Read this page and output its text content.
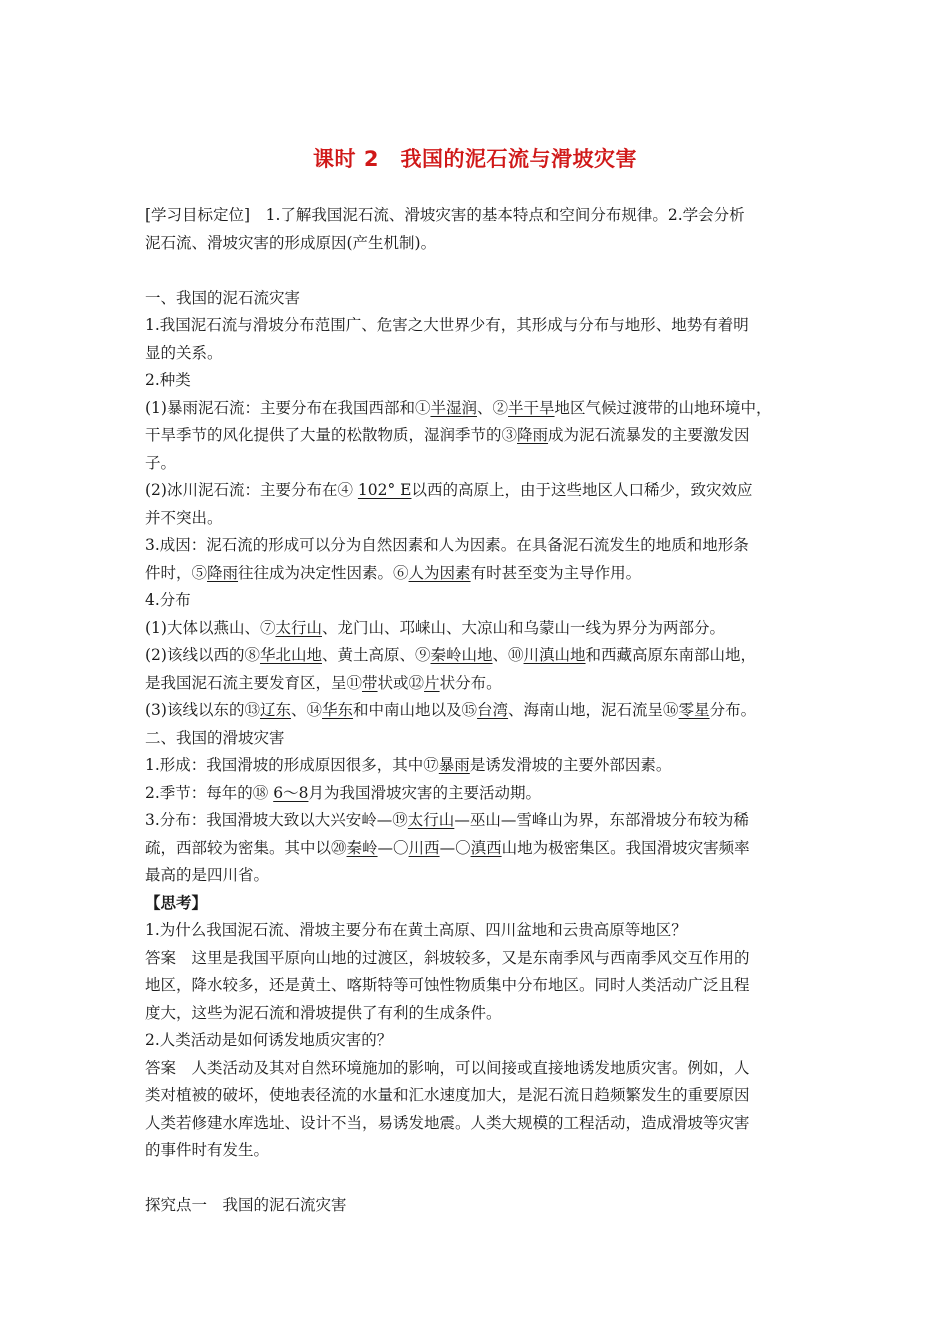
课时 2　我国的泥石流与滑坡灾害
[学习目标定位]　1.了解我国泥石流、滑坡灾害的基本特点和空间分布规律。2.学会分析
泥石流、滑坡灾害的形成原因(产生机制)。
一、我国的泥石流灾害
1.我国泥石流与滑坡分布范围广、危害之大世界少有，其形成与分布与地形、地势有着明
显的关系。
2.种类
(1)暴雨泥石流：主要分布在我国西部和①半湿润、②半干旱地区气候过渡带的山地环境中，
干旱季节的风化提供了大量的松散物质，湿润季节的③降雨成为泥石流暴发的主要激发因
子。
(2)冰川泥石流：主要分布在④ 102° E以西的高原上，由于这些地区人口稀少，致灾效应
并不突出。
3.成因：泥石流的形成可以分为自然因素和人为因素。在具备泥石流发生的地质和地形条
件时，⑤降雨往往成为决定性因素。⑥人为因素有时甚至变为主导作用。
4.分布
(1)大体以燕山、⑦太行山、龙门山、邛崃山、大凉山和乌蒙山一线为界分为两部分。
(2)该线以西的⑧华北山地、黄土高原、⑨秦岭山地、⑩川滇山地和西藏高原东南部山地，
是我国泥石流主要发育区，呈⑪带状或⑫片状分布。
(3)该线以东的⑬辽东、⑭华东和中南山地以及⑮台湾、海南山地，泥石流呈⑯零星分布。
二、我国的滑坡灾害
1.形成：我国滑坡的形成原因很多，其中⑰暴雨是诱发滑坡的主要外部因素。
2.季节：每年的⑱ 6～8月为我国滑坡灾害的主要活动期。
3.分布：我国滑坡大致以大兴安岭—⑲太行山—巫山—雪峰山为界，东部滑坡分布较为稀
疏，西部较为密集。其中以⑳秦岭—〇川西—〇滇西山地为极密集区。我国滑坡灾害频率
最高的是四川省。
【思考】
1.为什么我国泥石流、滑坡主要分布在黄土高原、四川盆地和云贵高原等地区？
答案　这里是我国平原向山地的过渡区，斜坡较多，又是东南季风与西南季风交互作用的
地区，降水较多，还是黄土、喀斯特等可蚀性物质集中分布地区。同时人类活动广泛且程
度大，这些为泥石流和滑坡提供了有利的生成条件。
2.人类活动是如何诱发地质灾害的？
答案　人类活动及其对自然环境施加的影响，可以间接或直接地诱发地质灾害。例如，人
类对植被的破坏，使地表径流的水量和汇水速度加大，是泥石流日趋频繁发生的重要原因
人类若修建水库选址、设计不当，易诱发地震。人类大规模的工程活动，造成滑坡等灾害
的事件时有发生。
探究点一　我国的泥石流灾害
